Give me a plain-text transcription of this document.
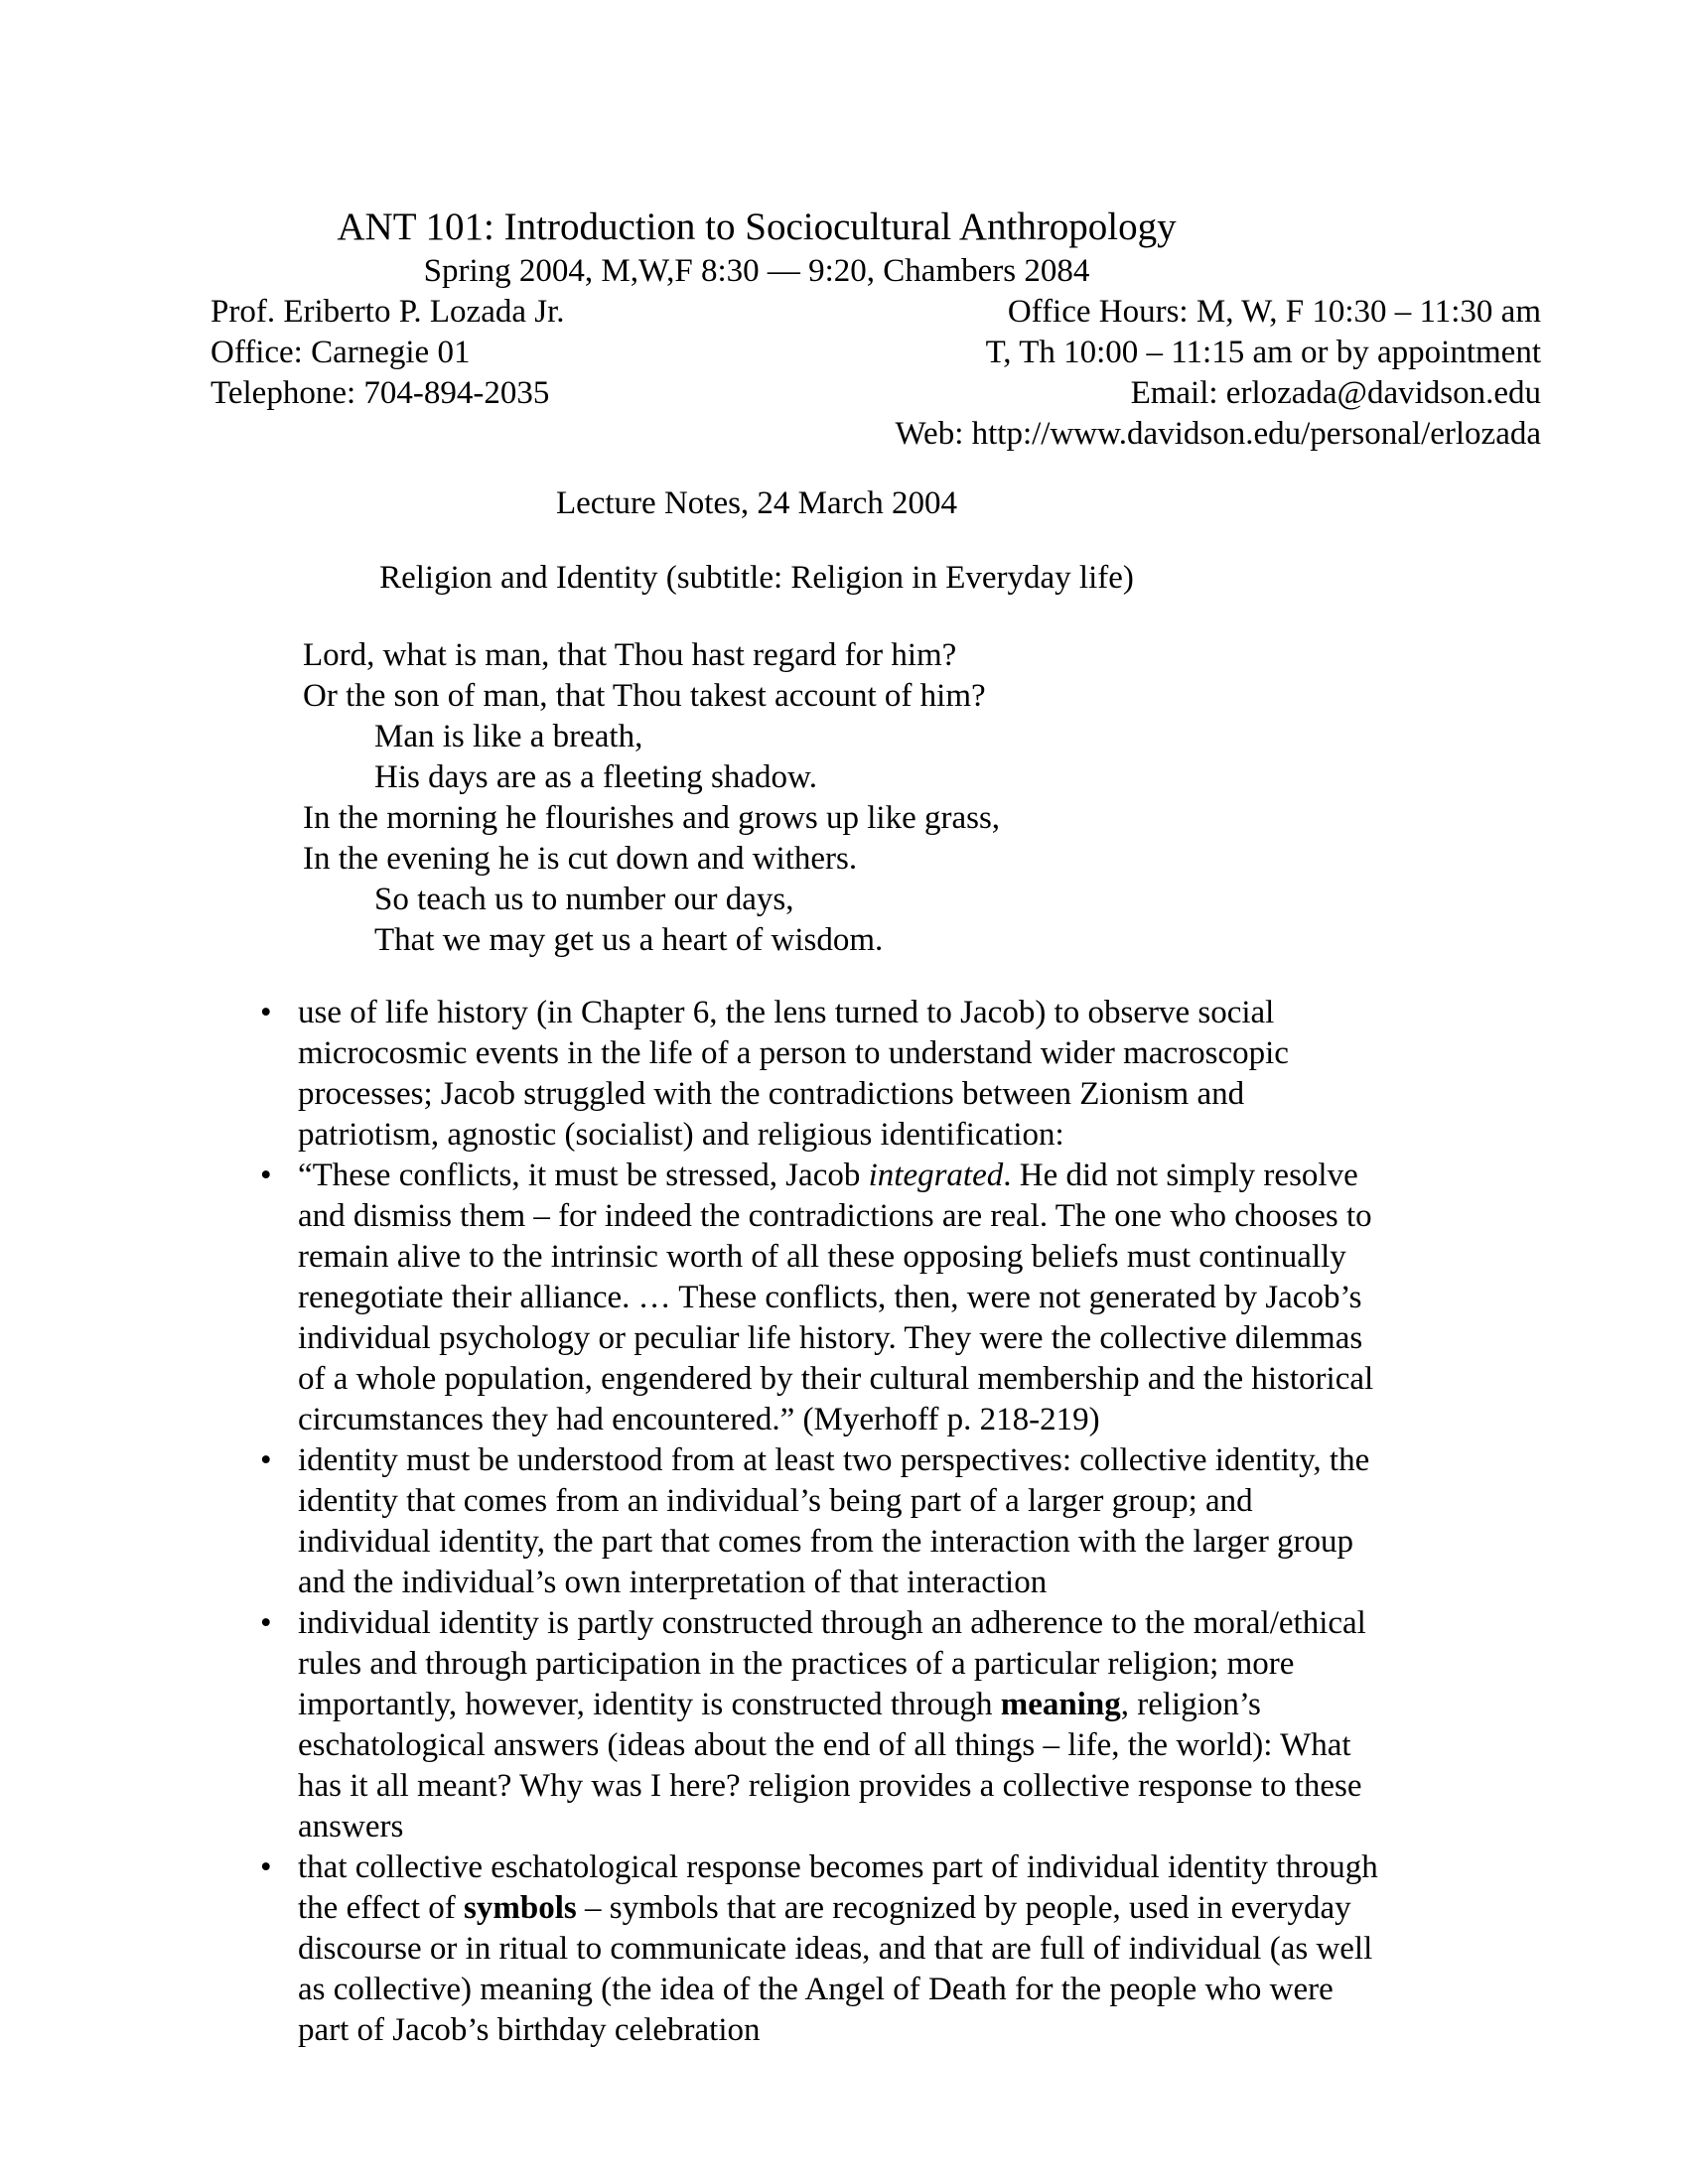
ANT 101: Introduction to Sociocultural Anthropology
Spring 2004, M,W,F 8:30 — 9:20, Chambers 2084
Prof. Eriberto P. Lozada Jr.
Office: Carnegie 01
Telephone: 704-894-2035
Office Hours: M, W, F 10:30 – 11:30 am
T, Th 10:00 – 11:15 am or by appointment
Email: erlozada@davidson.edu
Web: http://www.davidson.edu/personal/erlozada
Lecture Notes, 24 March 2004
Religion and Identity (subtitle: Religion in Everyday life)
Lord, what is man, that Thou hast regard for him?
Or the son of man, that Thou takest account of him?
Man is like a breath,
His days are as a fleeting shadow.
In the morning he flourishes and grows up like grass,
In the evening he is cut down and withers.
So teach us to number our days,
That we may get us a heart of wisdom.
• use of life history (in Chapter 6, the lens turned to Jacob) to observe social
microcosmic events in the life of a person to understand wider macroscopic
processes; Jacob struggled with the contradictions between Zionism and
patriotism, agnostic (socialist) and religious identification:
• “These conflicts, it must be stressed, Jacob integrated. He did not simply resolve
and dismiss them – for indeed the contradictions are real. The one who chooses to
remain alive to the intrinsic worth of all these opposing beliefs must continually
renegotiate their alliance. … These conflicts, then, were not generated by Jacob’s
individual psychology or peculiar life history. They were the collective dilemmas
of a whole population, engendered by their cultural membership and the historical
circumstances they had encountered.” (Myerhoff p. 218-219)
• identity must be understood from at least two perspectives: collective identity, the
identity that comes from an individual’s being part of a larger group; and
individual identity, the part that comes from the interaction with the larger group
and the individual’s own interpretation of that interaction
• individual identity is partly constructed through an adherence to the moral/ethical
rules and through participation in the practices of a particular religion; more
importantly, however, identity is constructed through meaning, religion’s
eschatological answers (ideas about the end of all things – life, the world): What
has it all meant? Why was I here? religion provides a collective response to these
answers
• that collective eschatological response becomes part of individual identity through
the effect of symbols – symbols that are recognized by people, used in everyday
discourse or in ritual to communicate ideas, and that are full of individual (as well
as collective) meaning (the idea of the Angel of Death for the people who were
part of Jacob’s birthday celebration
